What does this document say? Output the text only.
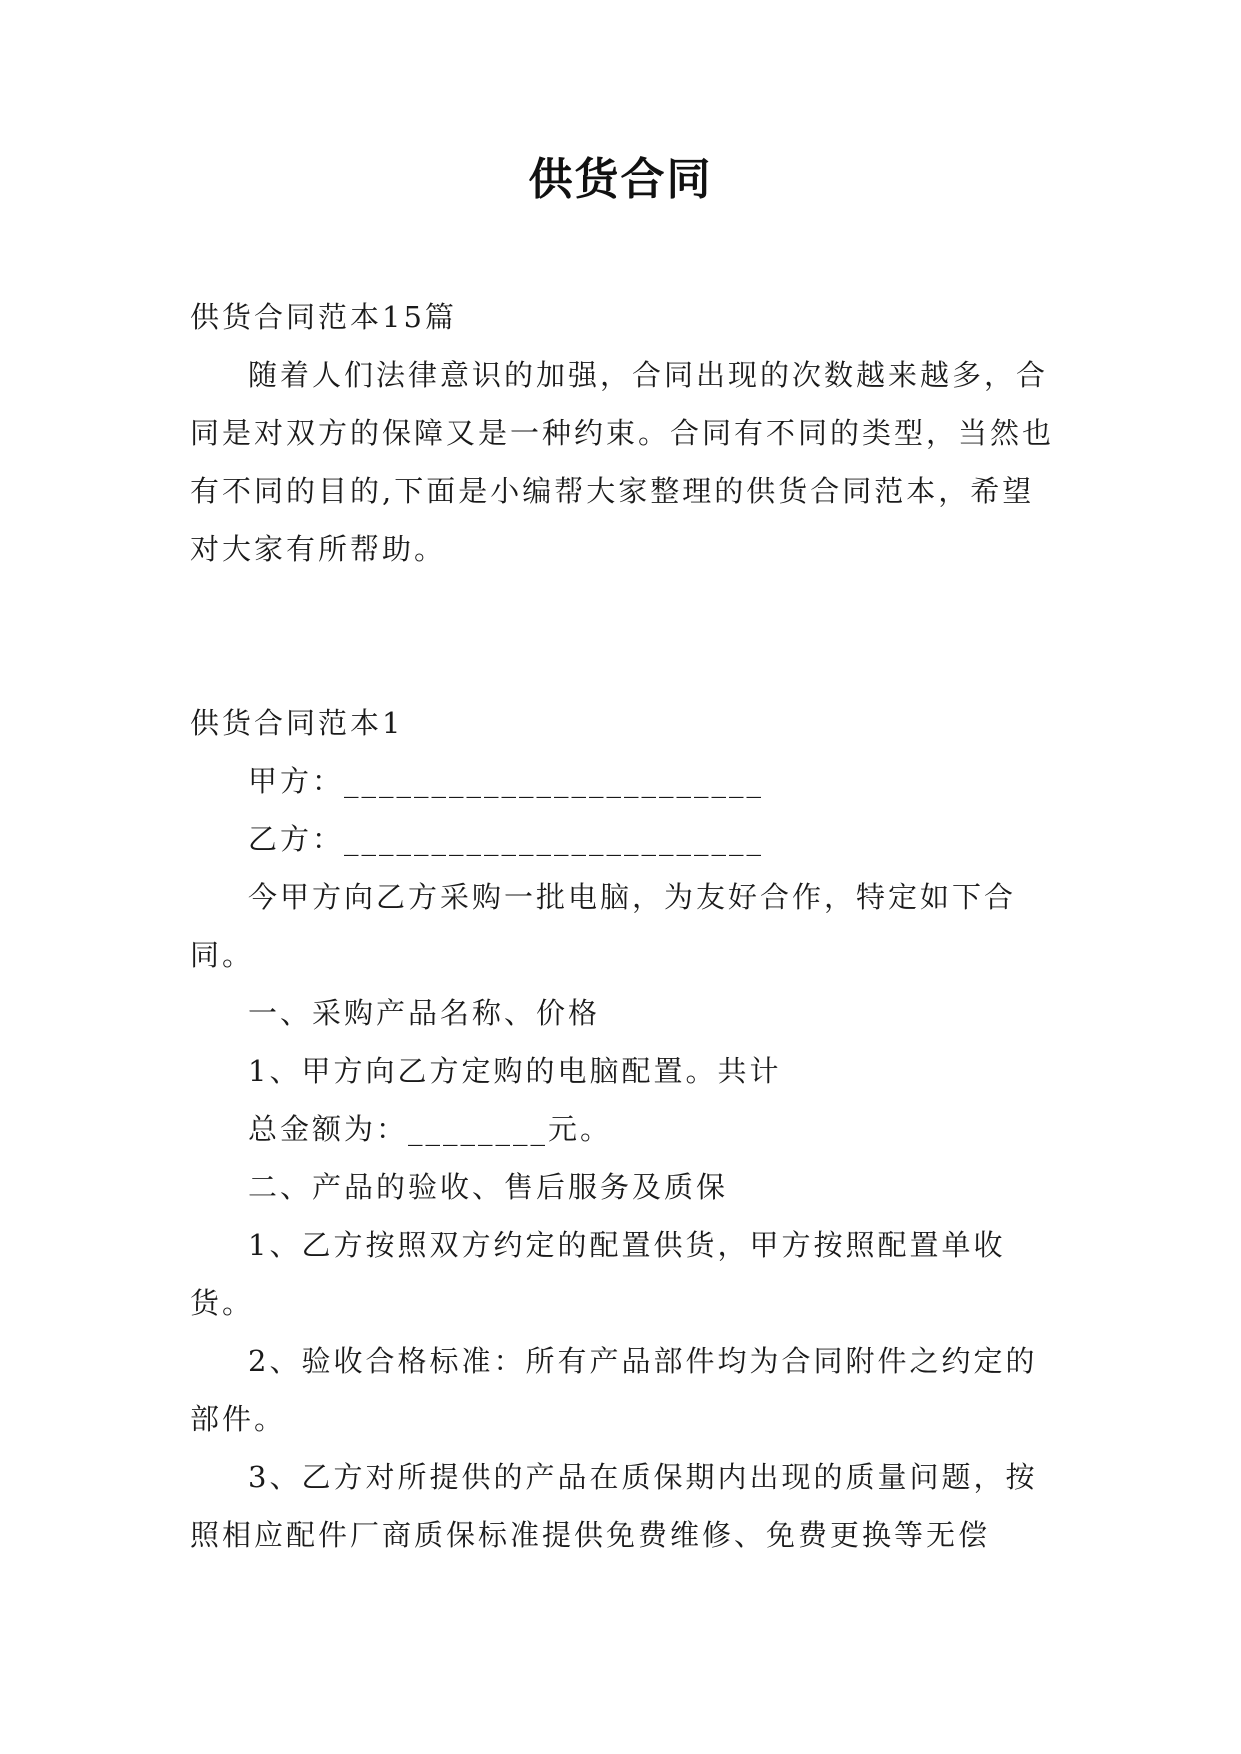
供货合同

供货合同范本15篇

随着人们法律意识的加强，合同出现的次数越来越多，合同是对双方的保障又是一种约束。合同有不同的类型，当然也有不同的目的,下面是小编帮大家整理的供货合同范本，希望对大家有所帮助。

供货合同范本1

甲方：________________________

乙方：________________________

今甲方向乙方采购一批电脑，为友好合作，特定如下合同。

一、采购产品名称、价格

1、甲方向乙方定购的电脑配置。共计

总金额为：________元。

二、产品的验收、售后服务及质保

1、乙方按照双方约定的配置供货，甲方按照配置单收货。

2、验收合格标准：所有产品部件均为合同附件之约定的部件。

3、乙方对所提供的产品在质保期内出现的质量问题，按照相应配件厂商质保标准提供免费维修、免费更换等无偿
